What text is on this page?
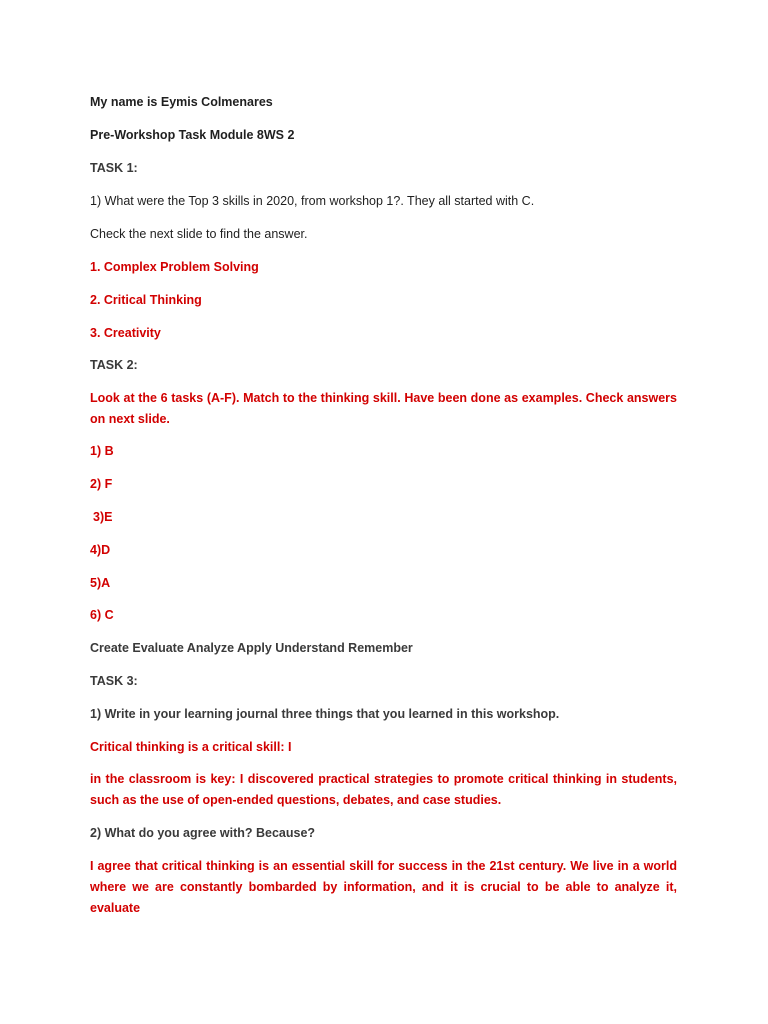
My name is Eymis Colmenares

Pre-Workshop Task Module 8WS 2

TASK 1:

1) What were the Top 3 skills in 2020, from workshop 1?. They all started with C.

Check the next slide to find the answer.

1. Complex Problem Solving

2. Critical Thinking

3. Creativity

TASK 2:

Look at the 6 tasks (A-F). Match to the thinking skill. Have been done as examples. Check answers on next slide.

1) B

2) F

3)E

4)D

5)A

6) C

Create Evaluate Analyze Apply Understand Remember

TASK 3:

1) Write in your learning journal three things that you learned in this workshop.

Critical thinking is a critical skill: I

in the classroom is key: I discovered practical strategies to promote critical thinking in students, such as the use of open-ended questions, debates, and case studies.

2) What do you agree with? Because?

I agree that critical thinking is an essential skill for success in the 21st century. We live in a world where we are constantly bombarded by information, and it is crucial to be able to analyze it, evaluate
